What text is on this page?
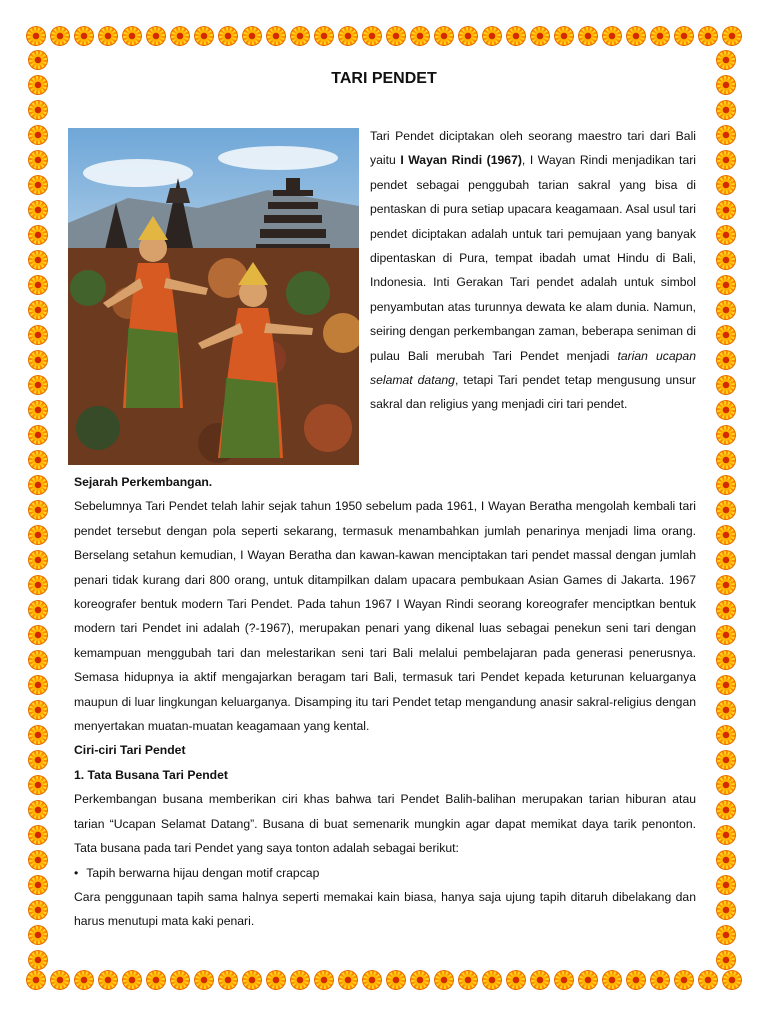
TARI PENDET

Tari Pendet diciptakan oleh seorang maestro tari dari Bali yaitu I Wayan Rindi (1967), I Wayan Rindi menjadikan tari pendet sebagai penggubah tarian sakral yang bisa di pentaskan di pura setiap upacara keagamaan. Asal usul tari pendet diciptakan adalah untuk tari pemujaan yang banyak dipentaskan di Pura, tempat ibadah umat Hindu di Bali, Indonesia. Inti Gerakan Tari pendet adalah untuk simbol penyambutan atas turunnya dewata ke alam dunia. Namun, seiring dengan perkembangan zaman, beberapa seniman di pulau Bali merubah Tari Pendet menjadi tarian ucapan selamat datang, tetapi Tari pendet tetap mengusung unsur sakral dan religius yang menjadi ciri tari pendet.

Sejarah Perkembangan.

Sebelumnya Tari Pendet telah lahir sejak tahun 1950 sebelum pada 1961, I Wayan Beratha mengolah kembali tari pendet tersebut dengan pola seperti sekarang, termasuk menambahkan jumlah penarinya menjadi lima orang. Berselang setahun kemudian, I Wayan Beratha dan kawan-kawan menciptakan tari pendet massal dengan jumlah penari tidak kurang dari 800 orang, untuk ditampilkan dalam upacara pembukaan Asian Games di Jakarta. 1967 koreografer bentuk modern Tari Pendet. Pada tahun 1967 I Wayan Rindi seorang koreografer menciptkan bentuk modern tari Pendet ini adalah (?-1967), merupakan penari yang dikenal luas sebagai penekun seni tari dengan kemampuan menggubah tari dan melestarikan seni tari Bali melalui pembelajaran pada generasi penerusnya. Semasa hidupnya ia aktif mengajarkan beragam tari Bali, termasuk tari Pendet kepada keturunan keluarganya maupun di luar lingkungan keluarganya. Disamping itu tari Pendet tetap mengandung anasir sakral-religius dengan menyertakan muatan-muatan keagamaan yang kental.

Ciri-ciri Tari Pendet

1. Tata Busana Tari Pendet

Perkembangan busana memberikan ciri khas bahwa tari Pendet Balih-balihan merupakan tarian hiburan atau tarian “Ucapan Selamat Datang”. Busana di buat semenarik mungkin agar dapat memikat daya tarik penonton. Tata busana pada tari Pendet yang saya tonton adalah sebagai berikut:

• Tapih berwarna hijau dengan motif crapcap

Cara penggunaan tapih sama halnya seperti memakai kain biasa, hanya saja ujung tapih ditaruh dibelakang dan harus menutupi mata kaki penari.
